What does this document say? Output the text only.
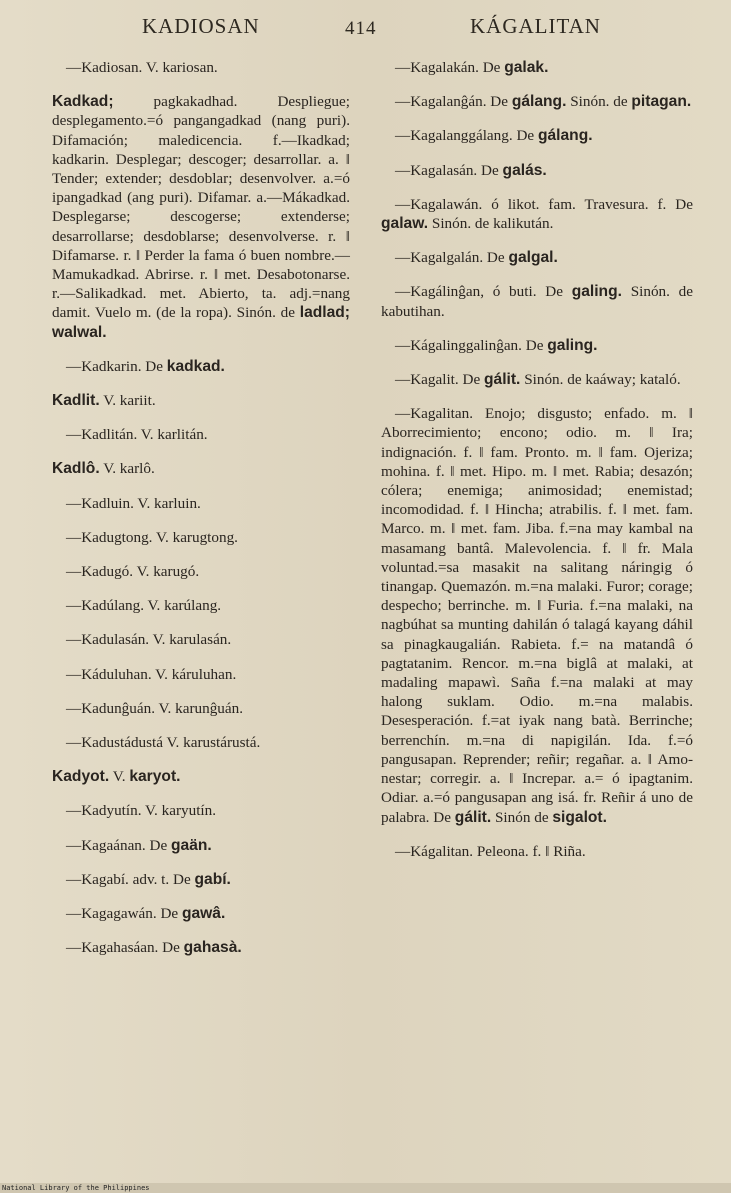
KADIOSAN	414	KÁGALITAN

—Kadiosan. V. kariosan.

Kadkad;	pagkakadhad. Despliegue; desplegamento.=ó pangangadkad (nang puri). Difamación; maledicencia. f.—Ikadkad; kadkarin. Desplegar; descoger; desarrollar. a. ‖ Tender; extender; desdoblar; desenvolver. a.=ó ipangadkad (ang puri). Difamar. a.—Mákadkad. Desplegarse; descogerse; extenderse; desarrollarse; desdoblarse; desenvolverse. r. ‖ Difamarse. r. ‖ Perder la fama ó buen nombre.—Mamukadkad. Abrirse. r. ‖ met. Desabotonarse. r.—Salikadkad. met. Abierto, ta. adj.=nang damit. Vuelo m. (de la ropa). Sinón. de ladlad; walwal.

—Kadkarin. De kadkad.

Kadlit. V. kariit.

—Kadlitán. V. karlitán.

Kadlô. V. karlô.

—Kadluin. V. karluin.

—Kadugtong. V. karugtong.

—Kadugó. V. karugó.

—Kadúlang. V. karúlang.

—Kadulasán. V. karulasán.

—Káduluhan. V. káruluhan.

—Kadunĝuán. V. karunĝuán.

—Kadustádustá V. karustárustá.

Kadyot. V. karyot.

—Kadyutín. V. karyutín.

—Kagaánan. De gaän.

—Kagabí. adv. t. De gabí.

—Kagagawán. De gawâ.

—Kagahasáan. De gahasà.

—Kagalakán. De galak.

—Kagalanĝán. De gálang. Sinón. de pitagan.

—Kagalanggálang. De gálang.

—Kagalasán. De galás.

—Kagalawán. ó likot. fam. Travesura. f. De galaw. Sinón. de kalikután.

—Kagalgalán. De galgal.

—Kagálinĝan, ó buti. De galing. Sinón. de kabutihan.

—Kágalinggalinĝan. De galing.

—Kagalit. De gálit. Sinón. de kaáway; kataló.

—Kagalitan. Enojo; disgusto; enfado. m. ‖ Aborrecimiento; encono; odio. m. ‖ Ira; indignación. f. ‖ fam. Pronto. m. ‖ fam. Ojeriza; mohina. f. ‖ met. Hipo. m. ‖ met. Rabia; desazón; cólera; enemiga; animosidad; enemistad; incomodidad. f. ‖ Hincha; atrabilis. f. ‖ met. fam. Marco. m. ‖ met. fam. Jiba. f.=na may kambal na masamang bantâ. Malevolencia. f. ‖ fr. Mala voluntad.=sa masakit na salitang náringig ó tinangap. Quemazón. m.=na malaki. Furor; corage; despecho; berrinche. m. ‖ Furia. f.=na malaki, na nagbúhat sa munting dahilán ó talagá kayang dáhil sa pinagkaugalián. Rabieta. f.= na matandâ ó pagtatanim. Rencor. m.=na biglâ at malaki, at madaling mapawì. Saña f.=na malaki at may halong suklam. Odio. m.=na malabis. Desesperación. f.=at iyak nang batà. Berrinche; berrenchín. m.=na di napigilán. Ida. f.=ó pangusapan. Reprender; reñir; regañar. a. ‖ Amonestar; corregir. a. ‖ Increpar. a.= ó ipagtanim. Odiar. a.=ó pangusapan ang isá. fr. Reñir á uno de palabra. De gálit. Sinón de sigalot.

—Kágalitan. Peleona. f. ‖ Riña.

National Library of the Philippines
